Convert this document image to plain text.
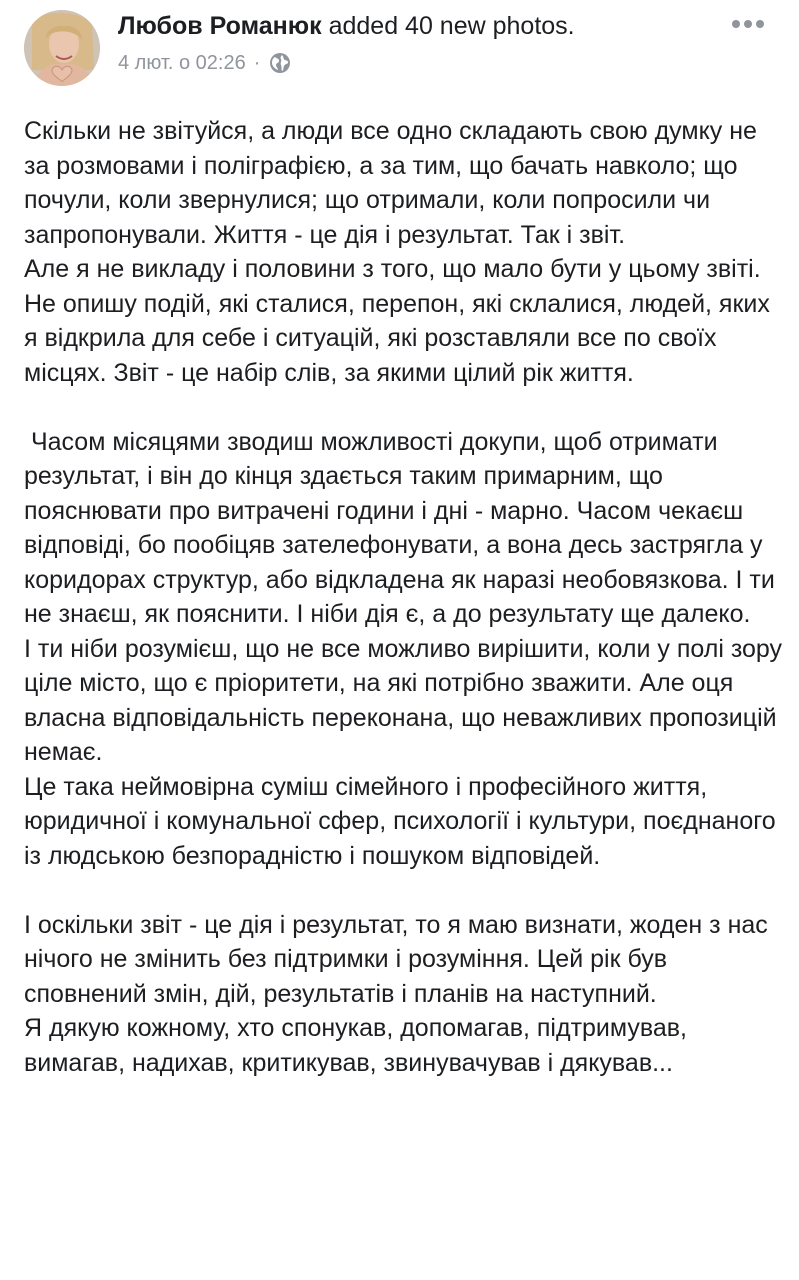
Любов Романюк added 40 new photos.
4 лют. о 02:26 ·

Скільки не звітуйся, а люди все одно складають свою думку не за розмовами і поліграфією, а за тим, що бачать навколо; що почули, коли звернулися; що отримали, коли попросили чи запропонували. Життя - це дія і результат. Так і звіт.

Але я не викладу і половини з того, що мало бути у цьому звіті. Не опишу подій, які сталися, перепон, які склалися, людей, яких я відкрила для себе і ситуацій, які розставляли все по своїх місцях. Звіт - це набір слів, за якими цілий рік життя.

Часом місяцями зводиш можливості докупи, щоб отримати результат, і він до кінця здається таким примарним, що пояснювати про витрачені години і дні - марно. Часом чекаєш відповіді, бо пообіцяв зателефонувати, а вона десь застрягла у коридорах структур, або відкладена як наразі необовязкова. І ти не знаєш, як пояснити. І ніби дія є, а до результату ще далеко.

І ти ніби розумієш, що не все можливо вирішити, коли у полі зору ціле місто, що є пріоритети, на які потрібно зважити. Але оця власна відповідальність переконана, що неважливих пропозицій немає.

Це така неймовірна суміш сімейного і професійного життя, юридичної і комунальної сфер, психології і культури, поєднаного із людською безпорадністю і пошуком відповідей.

І оскільки звіт - це дія і результат, то я маю визнати, жоден з нас нічого не змінить без підтримки і розуміння. Цей рік був сповнений змін, дій, результатів і планів на наступний.

Я дякую кожному, хто спонукав, допомагав, підтримував, вимагав, надихав, критикував, звинувачував і дякував...
